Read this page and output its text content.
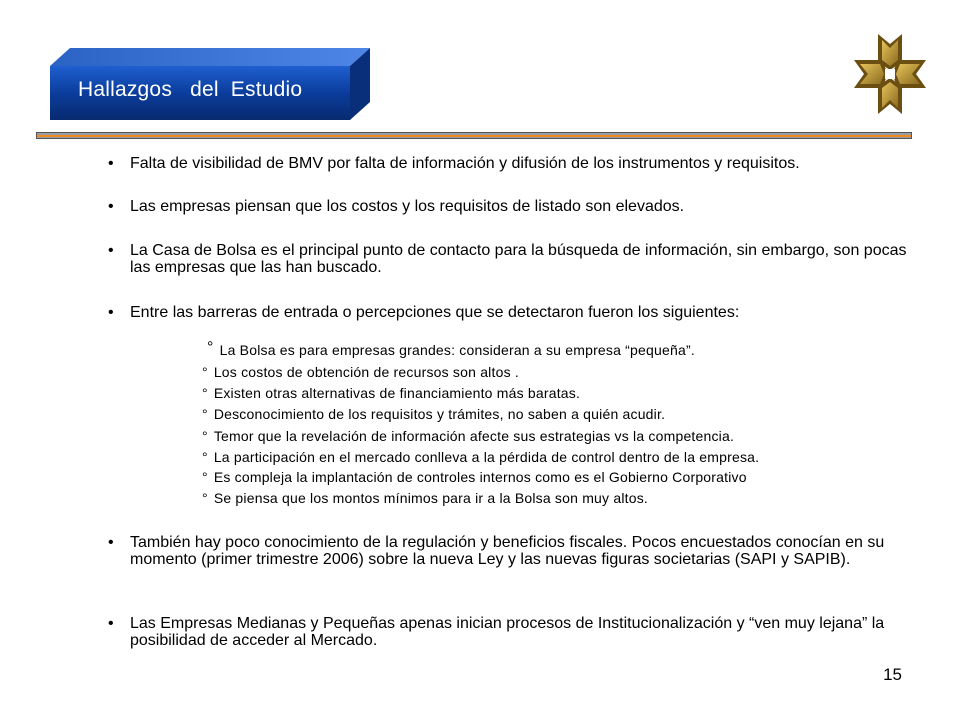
Hallazgos   del  Estudio
• Falta de visibilidad de BMV por falta de información y difusión de los instrumentos y requisitos.
• Las empresas piensan que los costos y los requisitos de listado son elevados.
• La Casa de Bolsa es el principal punto de contacto para la búsqueda de información, sin embargo, son pocas las empresas que las han buscado.
• Entre las barreras de entrada o percepciones que se detectaron fueron los siguientes:
° La Bolsa es para empresas grandes: consideran a su empresa “pequeña”.
° Los costos de obtención de recursos son altos .
° Existen otras alternativas de financiamiento más baratas.
° Desconocimiento de los requisitos y trámites, no saben a quién acudir.
° Temor que la revelación de información afecte sus estrategias vs la competencia.
° La participación en el mercado conlleva a la pérdida de control dentro de la empresa.
° Es compleja la implantación de controles internos como es el Gobierno Corporativo
° Se piensa que los montos mínimos para ir a la Bolsa son muy altos.
• También hay poco conocimiento de la regulación y beneficios fiscales. Pocos encuestados conocían en su momento (primer trimestre 2006) sobre la nueva Ley y las nuevas figuras societarias (SAPI y SAPIB).
• Las Empresas Medianas y Pequeñas apenas inician procesos de Institucionalización y “ven muy lejana” la posibilidad de acceder al Mercado.
15
